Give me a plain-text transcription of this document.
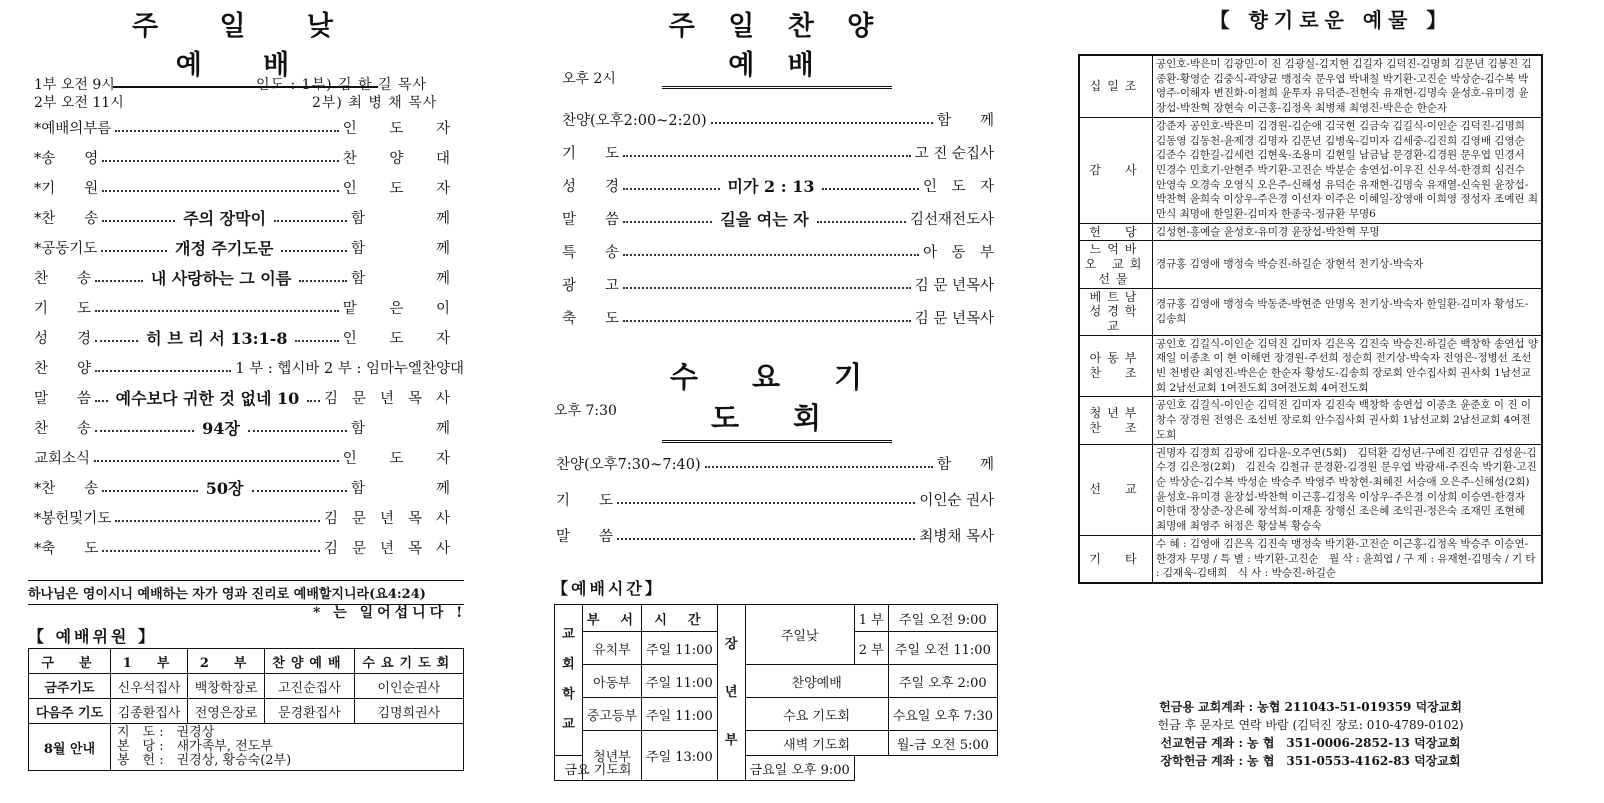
주 일 낮 예 배
1부 오전 9시
2부 오전 11시
인도 : 1부) 김 한 길 목사
2부) 최 병 채 목사
*예배의부름	인 도 자
*송　　영	찬 양 대
*기　　원	인 도 자
*찬　　송	주의 장막이	함　　께
*공동기도	개정 주기도문	함　　께
찬　　송	내 사랑하는 그 이름	함　　께
기　　도	맡 은 이
성　　경	히 브 리 서 13:1-8	인 도 자
찬　　양	1 부 : 헵시바 2 부 : 임마누엘찬양대
말　　씀 예수보다 귀한 것 없네 10 김문년목사
찬　　송	94장	함　　께
교회소식	인 도 자
*찬　　송	50장	함　　께
*봉헌및기도	김문년목사
*축　　도	김문년목사
하나님은 영이시니 예배하는 자가 영과 진리로 예배할지니라(요4:24)
* 는 일어섭니다 !
【 예배위원 】
구　분	1　부	2　부	찬양예배	수요기도회
금주기도	신우석집사	백창학장로	고진순집사	이인순권사
다음주 기도	김종환집사	전영은장로	문경환집사	김명희권사
8월 안내	지　도 :　권경상
본　당 :　새가족부, 전도부
봉　헌 :　권경상, 황승숙(2부)			
주 일 찬 양 예 배
오후 2시
찬양(오후2:00~2:20)	함　　께
기　　도	고 진 순집사
성　　경	미가 2 : 13	인　도　자
말　　씀	길을 여는 자	김선재전도사
특　　송	아　동　부
광　　고	김 문 년목사
축　　도	김 문 년목사
수 요 기 도 회
오후 7:30
찬양(오후7:30~7:40)	함　　께
기　　도	이인순 권사
말　　씀	최병채 목사
【예배시간】
교회학교	부　서	시　간	장년부	주일낮	1 부	주일 오전 9:00
	유치부	주일 11:00			2 부	주일 오전 11:00
	아동부	주일 11:00		찬양예배		주일 오후 2:00
	중고등부	주일 11:00		수요 기도회		수요일 오후 7:30
	청년부	주일 13:00		새벽 기도회		월-금 오전 5:00
금요 기도회				금요일 오후 9:00		
【 향기로운 예물 】
십일조	공인호-박은미 김광민-이 진 김광실-김지현 김길자 김덕진-김명희 김문년 김봉진 김종환-황영순 김중식-곽양균 맹정숙 문우엽 박내칠 박기환-고진순 박상순-김수복 박영주-이해자 변진화-이철희 윤투자 유덕준-전현숙 유재현-김명숙 윤성호-유미경 윤장섭-박찬혁 장현숙 이근홍-김정옥 최병채 최영진-박은순 한순자
감　사	강준자 공인호-박은미 김경원-김순애 김국현 김금숙 김길식-이인순 김덕진-김명희 김동영 김동천-윤제경 김명자 김문년 김병욱-김미자 김세중-김진희 김영배 김영순 김준수 김한길-김세련 김현욱-조용미 김현일 남금남 문경환-김경원 문우엽 민경서 민경수 민호기-안현주 박기환-고진순 박분순 송연섭-이우진 신우석-한경희 심건수 안영숙 오경숙 오영식 오은주-신해성 유덕순 유재현-김명숙 유재열-신숙원 윤장섭-박찬혁 윤희숙 이상우-주은경 이선자 이주은 이혜일-장영애 이희영 정성자 조예린 최만식 최명애 한일환-김미자 한종국-정규환 무명6
헌　당	김성현-홍예슬 윤성호-유미경 윤장섭-박찬혁 무명
느억바오 교회 선물	경규홍 김영애 맹정숙 박승진-하길순 장현석 전기상-박숙자
베트남 성경학교	경규홍 김영애 맹정숙 박동준-박현준 안명옥 전기상-박숙자 한일환-김미자 황성도-김송희
아동부 찬　조	공인호 김길식-이인순 김덕진 김미자 김은옥 김진숙 박승진-하길순 백창학 송연섭 양재일 이종초 이 현 이해연 장경원-주선희 정순희 전기상-박숙자 전영은-정병선 조선빈 천병란 최영진-박은순 한순자 황성도-김송희 장로회 안수집사회 권사회 1남선교회 2남선교회 1여전도회 3여전도회 4여전도회
청년부 찬　조	공인호 김길식-이인순 김덕진 김미자 김진숙 백창학 송연섭 이종초 윤준호 이 진 이창수 장경원 전영은 조선빈 장로회 안수집사회 권사회 1남선교회 2남선교회 4여전도회
선　교	권명자 김경희 김광애 김다윤-오주연(5회)　김덕환 김성년-구예진 김민규 김성윤-김수경 김은정(2회)　김진숙 김철규 문경환-김경원 문우엽 박광새-주진숙 박기환-고진순 박상순-김수복 박성순 박승주 박영주 박창현-최혜진 서승애 오은주-신해성(2회)　윤성호-유미경 윤장섭-박찬혁 이근홍-김정옥 이상우-주은경 이상희 이승연-한경자 이한대 장상준-장은혜 장석희-이재훈 장행신 조은혜 조익권-정은숙 조재민 조현혜 최명애 최영주 허정은 황삼복 황승숙
기　타	수 혜 : 김영애 김은옥 김진숙 맹정숙 박기환-고진순 이근홍-김정옥 박승주 이승연-한경자 무명 / 특 별 : 박기환-고진순　월 삭 : 윤희엽 / 구 제 : 유재현-김명숙 / 기 타 : 김재욱-김태희　식 사 : 박승진-하길순
헌금용 교회계좌 : 농협 211043-51-019359 덕장교회
헌금 후 문자로 연락 바람 (김덕진 장로: 010-4789-0102)
선교헌금 계좌 : 농 협　351-0006-2852-13 덕장교회
장학헌금 계좌 : 농 협　351-0553-4162-83 덕장교회
